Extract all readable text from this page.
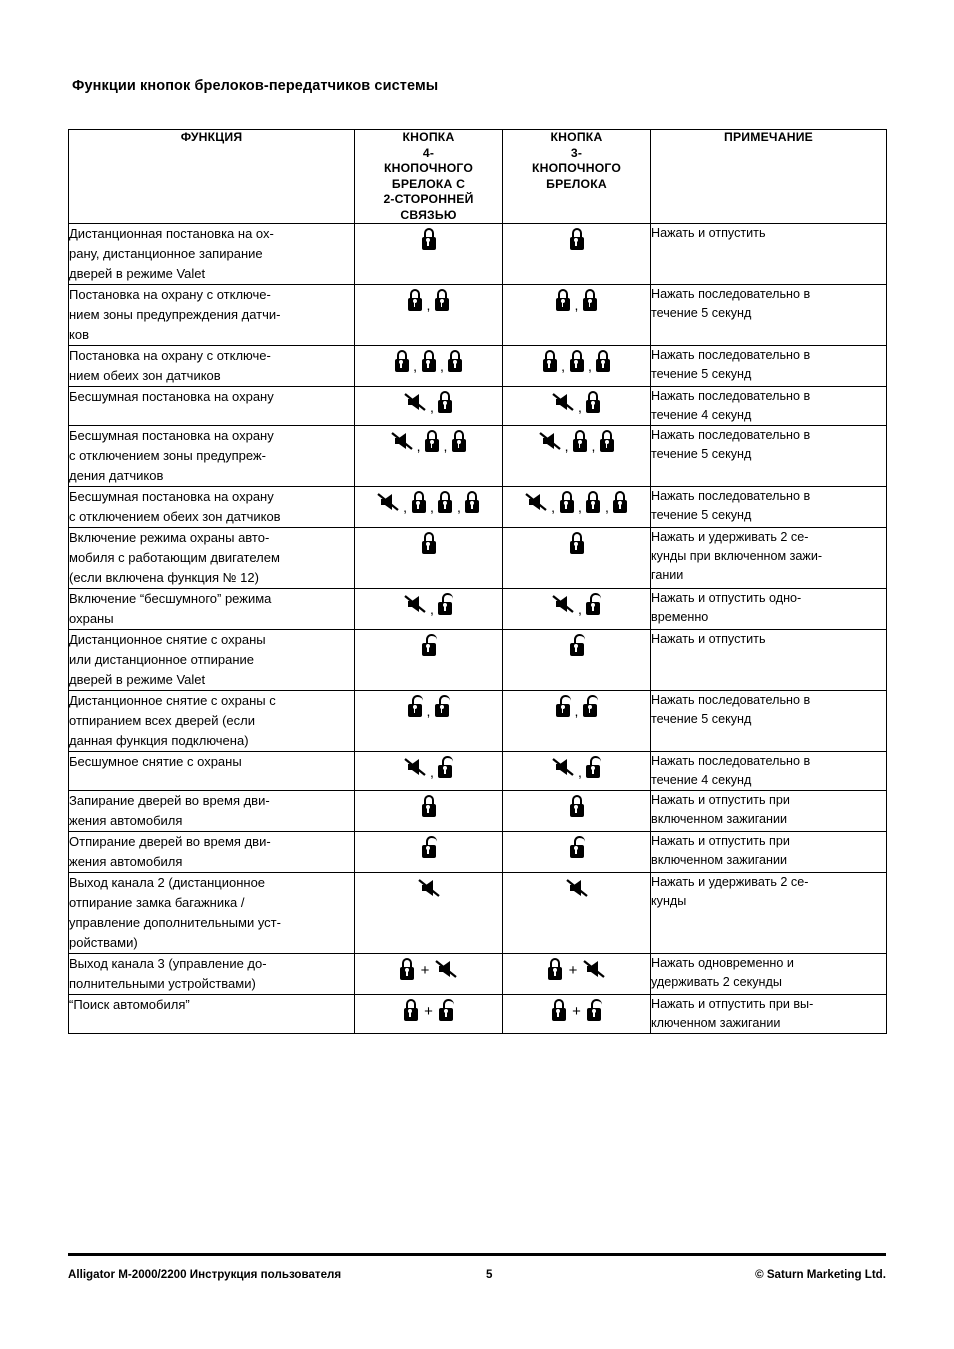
Функции кнопок брелоков-передатчиков системы
ФУНКЦИЯ	КНОПКА
4-
КНОПОЧНОГО
БРЕЛОКА С
2-СТОРОННЕЙ
СВЯЗЬЮ	КНОПКА
3-
КНОПОЧНОГО
БРЕЛОКА	ПРИМЕЧАНИЕ
Дистанционная постановка на ох-
рану, дистанционное запирание
дверей в режиме Valet			Нажать и отпустить
Постановка на охрану с отключе-
нием зоны предупреждения датчи-
ков	,	,	Нажать последовательно в
течение 5 секунд
Постановка на охрану с отключе-
нием обеих зон датчиков	, ,	, ,	Нажать последовательно в
течение 5 секунд
Бесшумная постановка на охрану	,	,	Нажать последовательно в
течение 4 секунд
Бесшумная постановка на охрану
с отключением зоны предупреж-
дения датчиков	, ,	, ,	Нажать последовательно в
течение 5 секунд
Бесшумная постановка на охрану
с отключением обеих зон датчиков	, , ,	, , ,	Нажать последовательно в
течение 5 секунд
Включение режима охраны авто-
мобиля с работающим двигателем
(если включена функция № 12)			Нажать и удерживать 2 се-
кунды при включенном зажи-
гании
Включение “бесшумного” режима
охраны	,	,	Нажать и отпустить одно-
временно
Дистанционное снятие с охраны
или дистанционное отпирание
дверей в режиме Valet			Нажать и отпустить
Дистанционное снятие с охраны с
отпиранием всех дверей (если
данная функция подключена)	,	,	Нажать последовательно в
течение 5 секунд
Бесшумное снятие с охраны	,	,	Нажать последовательно в
течение 4 секунд
Запирание дверей во время дви-
жения автомобиля			Нажать и отпустить при
включенном зажигании
Отпирание дверей во время дви-
жения автомобиля			Нажать и отпустить при
включенном зажигании
Выход канала 2 (дистанционное
отпирание замка багажника /
управление дополнительными уст-
ройствами)			Нажать и удерживать 2 се-
кунды
Выход канала 3 (управление до-
полнительными устройствами)	+	+	Нажать одновременно и
удерживать 2 секунды
“Поиск автомобиля”	+	+	Нажать и отпустить при вы-
ключенном зажигании
Alligator M-2000/2200 Инструкция пользователя	5	© Saturn Marketing Ltd.
